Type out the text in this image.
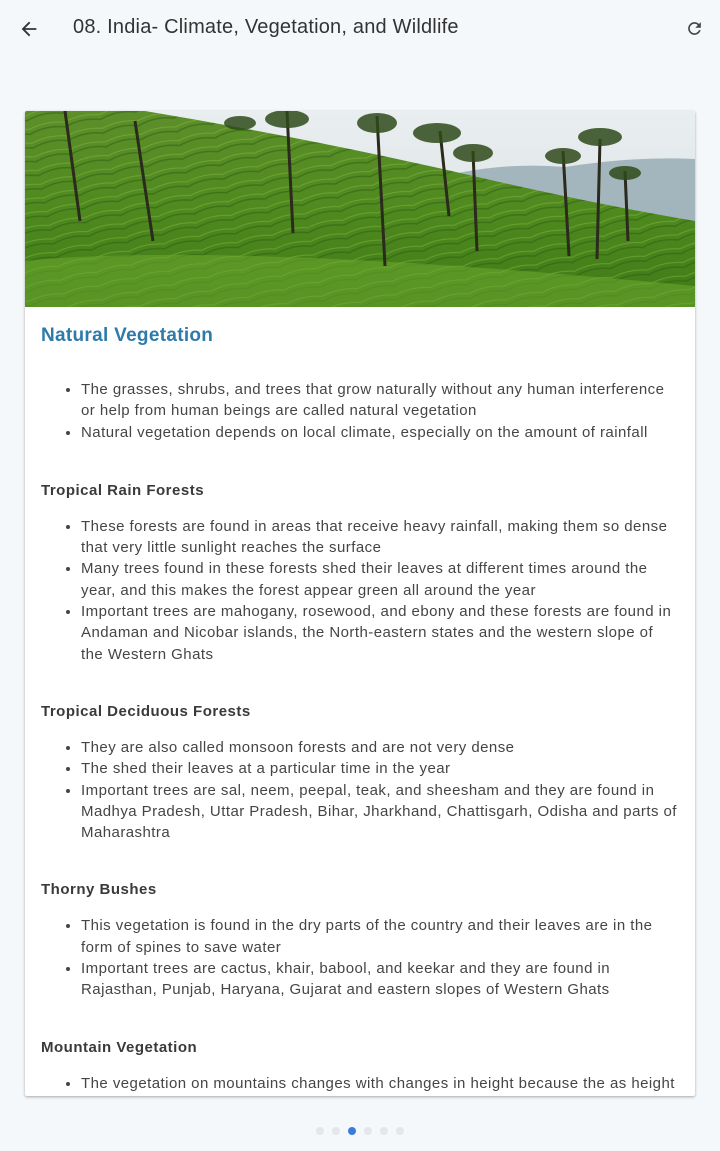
08. India- Climate, Vegetation, and Wildlife
Natural Vegetation
• The grasses, shrubs, and trees that grow naturally without any human interference or help from human beings are called natural vegetation
• Natural vegetation depends on local climate, especially on the amount of rainfall
Tropical Rain Forests
• These forests are found in areas that receive heavy rainfall, making them so dense that very little sunlight reaches the surface
• Many trees found in these forests shed their leaves at different times around the year, and this makes the forest appear green all around the year
• Important trees are mahogany, rosewood, and ebony and these forests are found in Andaman and Nicobar islands, the North-eastern states and the western slope of the Western Ghats
Tropical Deciduous Forests
• They are also called monsoon forests and are not very dense
• The shed their leaves at a particular time in the year
• Important trees are sal, neem, peepal, teak, and sheesham and they are found in Madhya Pradesh, Uttar Pradesh, Bihar, Jharkhand, Chattisgarh, Odisha and parts of Maharashtra
Thorny Bushes
• This vegetation is found in the dry parts of the country and their leaves are in the form of spines to save water
• Important trees are cactus, khair, babool, and keekar and they are found in Rajasthan, Punjab, Haryana, Gujarat and eastern slopes of Western Ghats
Mountain Vegetation
• The vegetation on mountains changes with changes in height because the as height
